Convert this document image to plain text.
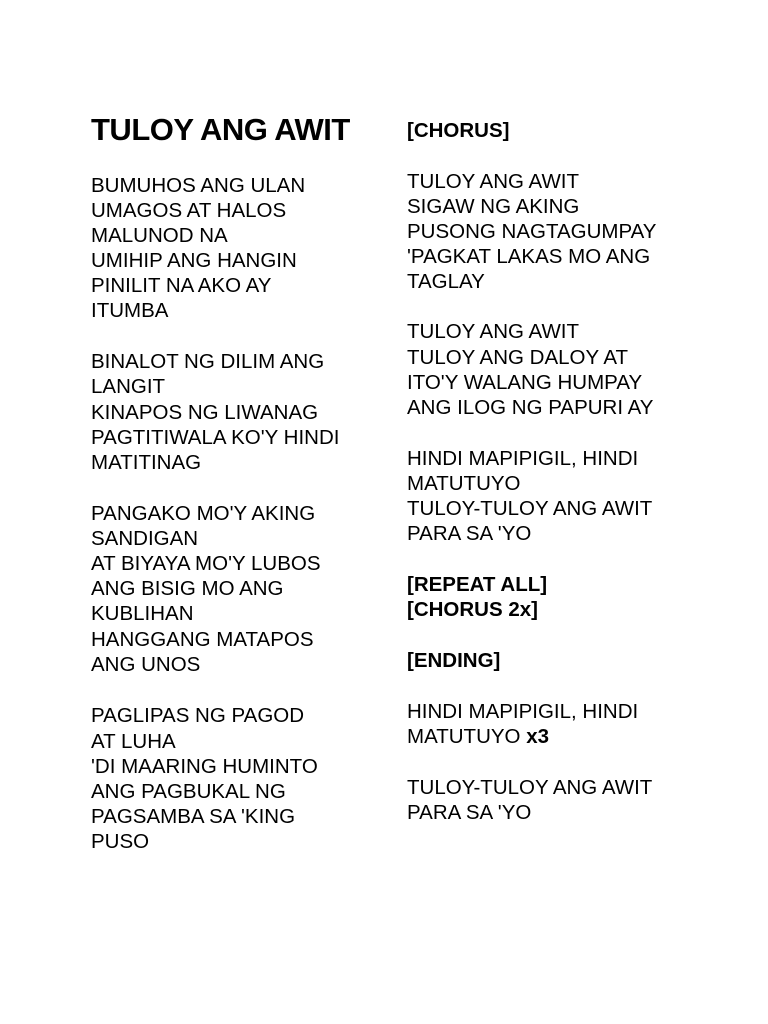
TULOY ANG AWIT
BUMUHOS ANG ULAN
UMAGOS AT HALOS
MALUNOD NA
UMIHIP ANG HANGIN
PINILIT NA AKO AY
ITUMBA
BINALOT NG DILIM ANG
LANGIT
KINAPOS NG LIWANAG
PAGTITIWALA KO'Y HINDI
MATITINAG
PANGAKO MO'Y AKING
SANDIGAN
AT BIYAYA MO'Y LUBOS
ANG BISIG MO ANG
KUBLIHAN
HANGGANG MATAPOS
ANG UNOS
PAGLIPAS NG PAGOD
AT LUHA
'DI MAARING HUMINTO
ANG PAGBUKAL NG
PAGSAMBA SA 'KING
PUSO
[CHORUS]
TULOY ANG AWIT
SIGAW NG AKING
PUSONG NAGTAGUMPAY
'PAGKAT LAKAS MO ANG
TAGLAY
TULOY ANG AWIT
TULOY ANG DALOY AT
ITO'Y WALANG HUMPAY
ANG ILOG NG PAPURI AY
HINDI MAPIPIGIL, HINDI
MATUTUYO
TULOY-TULOY ANG AWIT
PARA SA 'YO
[REPEAT ALL]
[CHORUS 2x]
[ENDING]
HINDI MAPIPIGIL, HINDI
MATUTUYO x3
TULOY-TULOY ANG AWIT
PARA SA 'YO
